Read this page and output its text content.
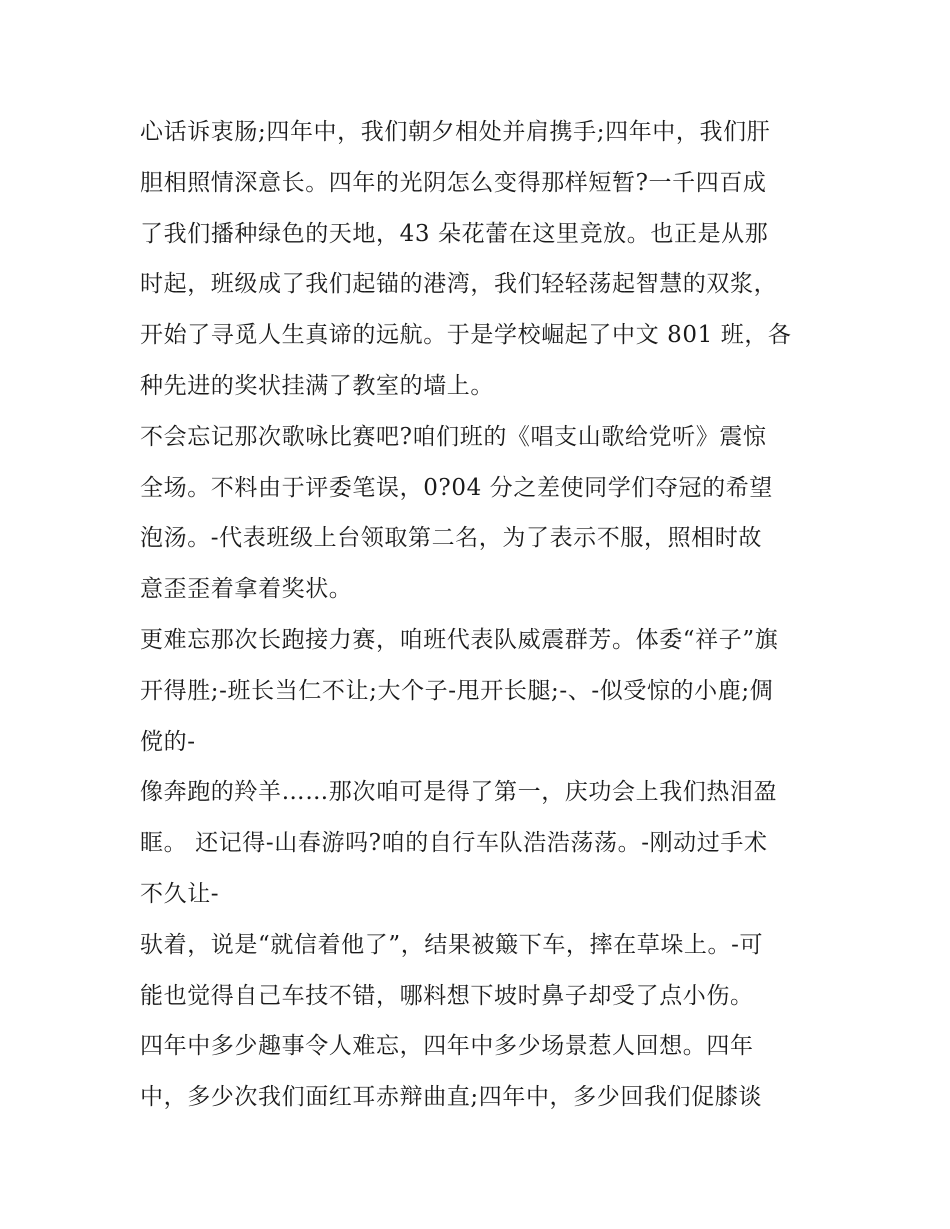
心话诉衷肠;四年中，我们朝夕相处并肩携手;四年中，我们肝
胆相照情深意长。四年的光阴怎么变得那样短暂?一千四百成
了我们播种绿色的天地，43 朵花蕾在这里竞放。也正是从那
时起，班级成了我们起锚的港湾，我们轻轻荡起智慧的双浆，
开始了寻觅人生真谛的远航。于是学校崛起了中文 801 班，各
种先进的奖状挂满了教室的墙上。
不会忘记那次歌咏比赛吧?咱们班的《唱支山歌给党听》震惊
全场。不料由于评委笔误，0?04 分之差使同学们夺冠的希望
泡汤。-代表班级上台领取第二名，为了表示不服，照相时故
意歪歪着拿着奖状。
更难忘那次长跑接力赛，咱班代表队威震群芳。体委“祥子”旗
开得胜;-班长当仁不让;大个子-甩开长腿;-、-似受惊的小鹿;倜
傥的-
像奔跑的羚羊……那次咱可是得了第一，庆功会上我们热泪盈
眶。 还记得-山春游吗?咱的自行车队浩浩荡荡。-刚动过手术
不久让-
驮着，说是“就信着他了”，结果被簸下车，摔在草垛上。-可
能也觉得自己车技不错，哪料想下坡时鼻子却受了点小伤。
四年中多少趣事令人难忘，四年中多少场景惹人回想。四年
中，多少次我们面红耳赤辩曲直;四年中，多少回我们促膝谈
